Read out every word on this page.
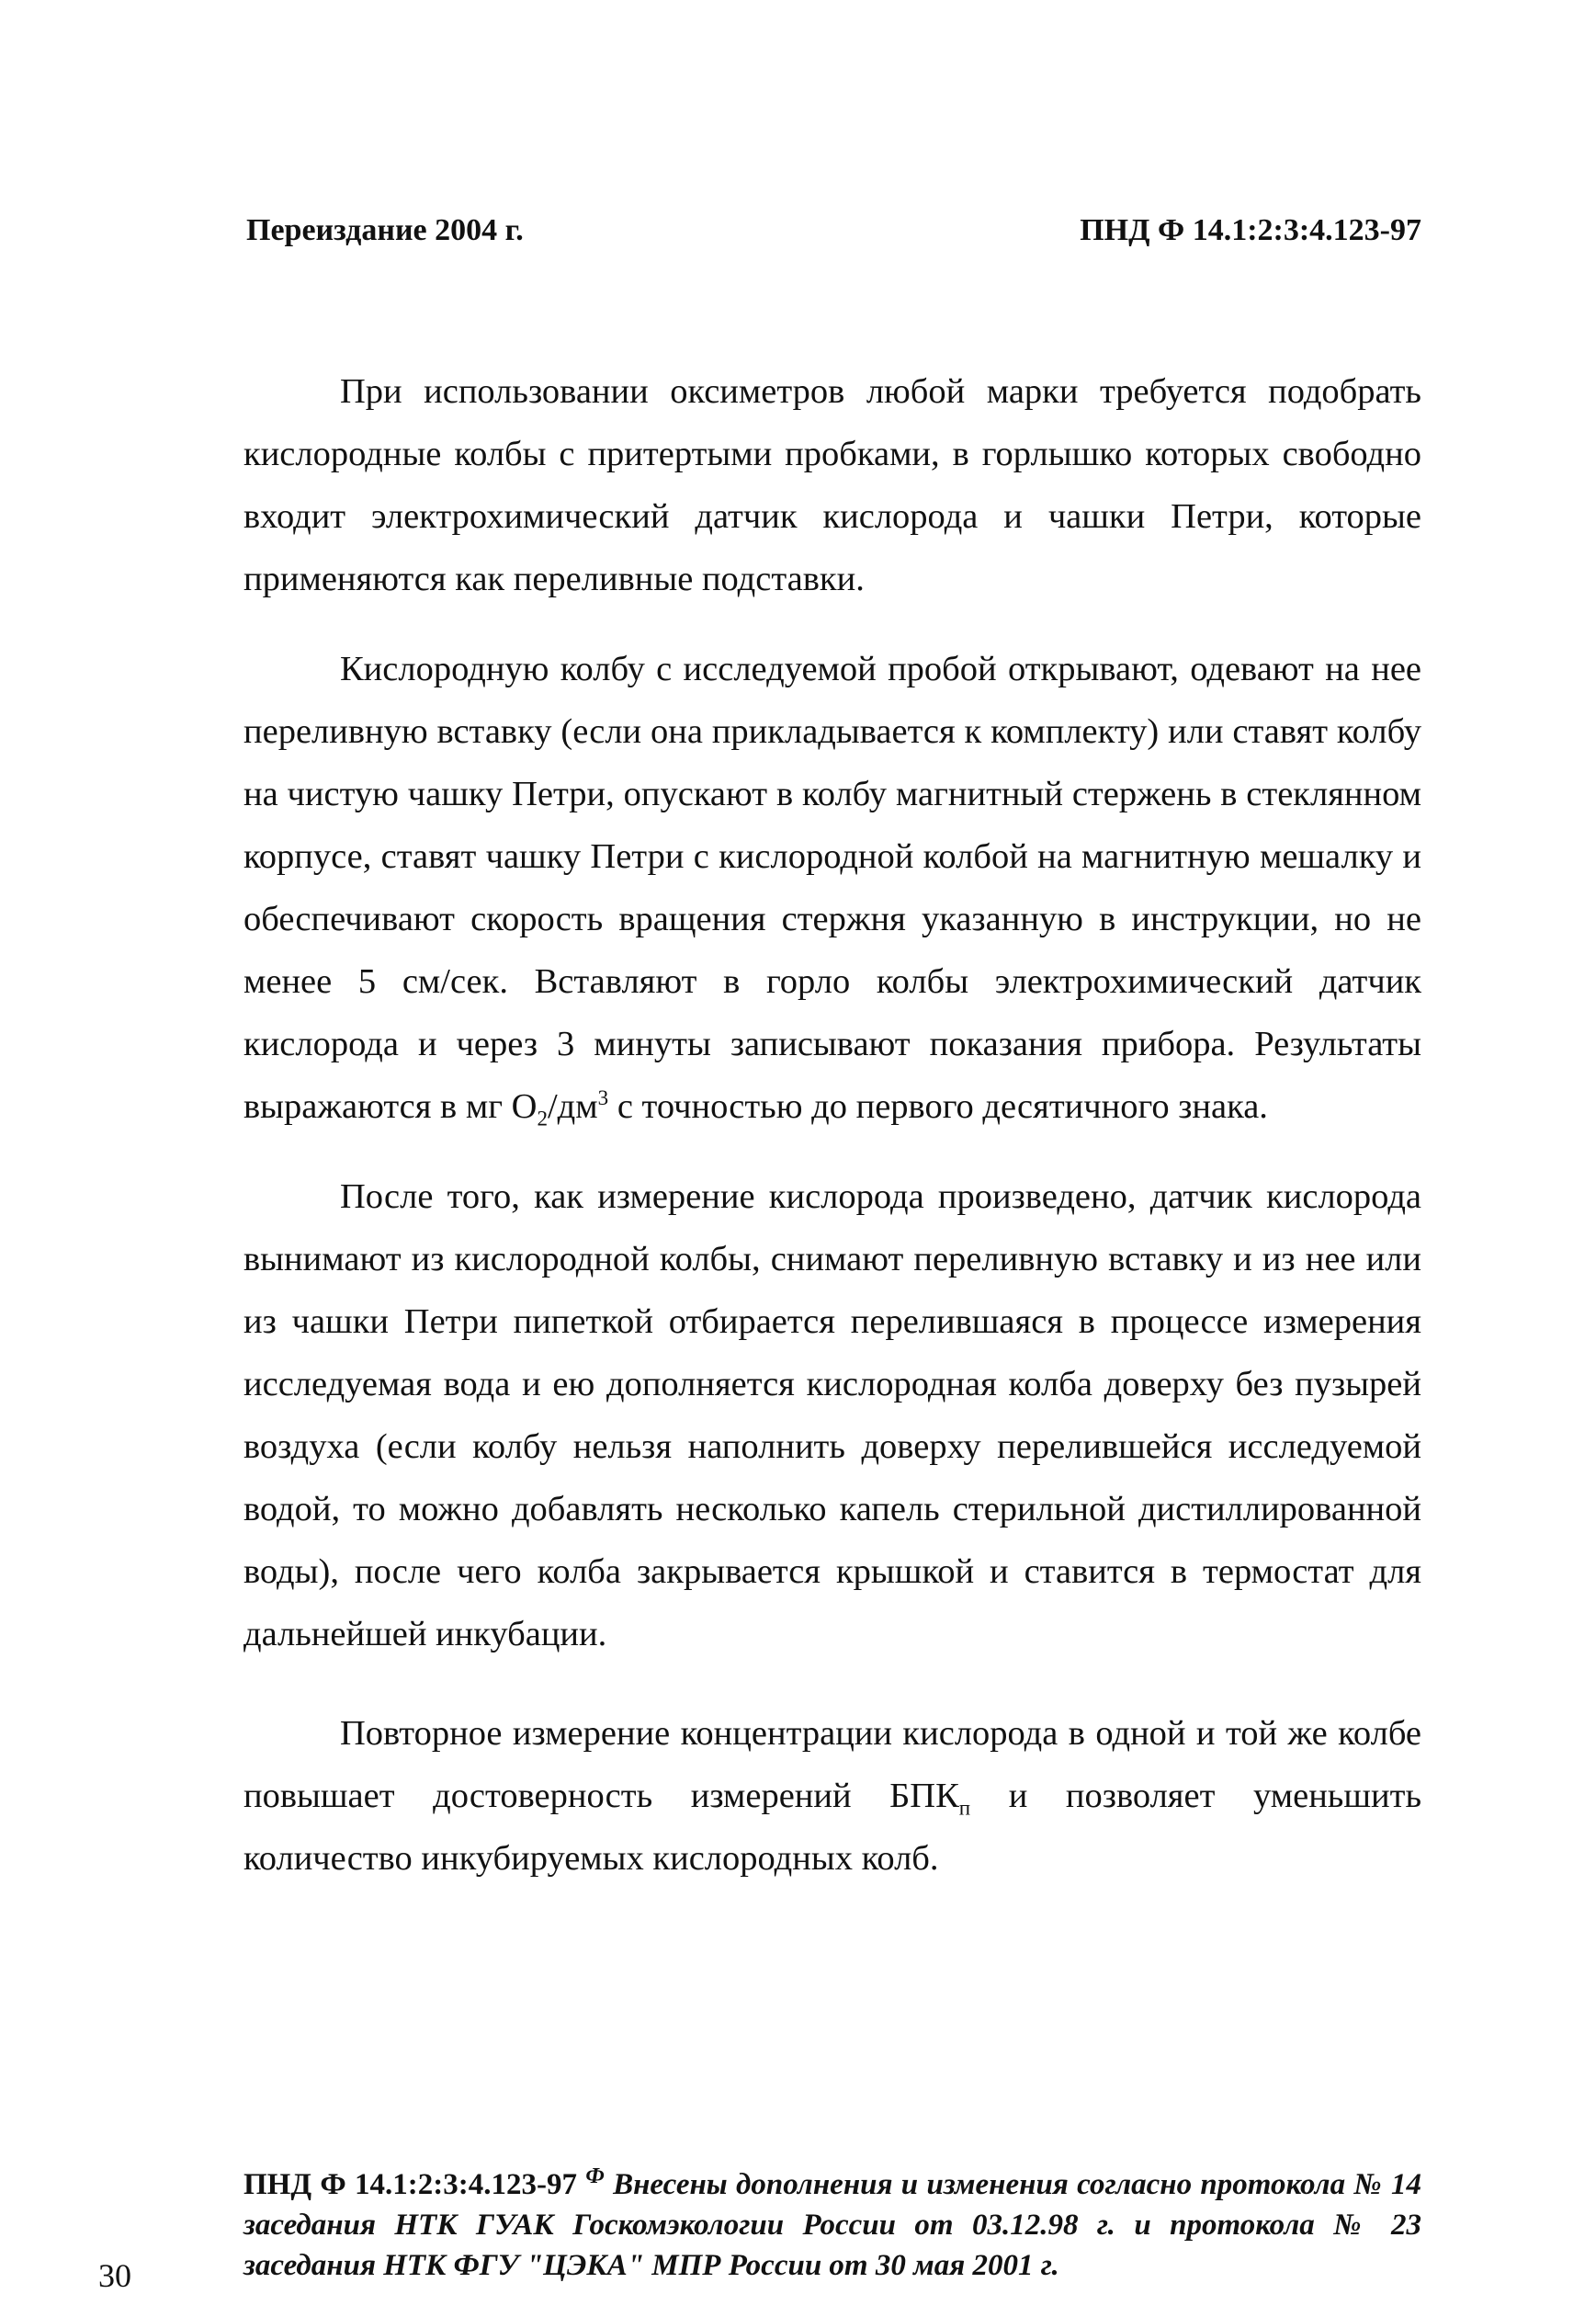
Переиздание 2004 г.	ПНД Ф 14.1:2:3:4.123-97

При использовании оксиметров любой марки требуется подобрать кислородные колбы с притертыми пробками, в горлышко которых свободно входит электрохимический датчик кислорода и чашки Петри, которые применяются как переливные подставки.

Кислородную колбу с исследуемой пробой открывают, одевают на нее переливную вставку (если она прикладывается к комплекту) или ставят колбу на чистую чашку Петри, опускают в колбу магнитный стержень в стеклянном корпусе, ставят чашку Петри с кислородной колбой на магнитную мешалку и обеспечивают скорость вращения стержня указанную в инструкции, но не менее 5 см/сек. Вставляют в горло колбы электрохимический датчик кислорода и через 3 минуты записывают показания прибора. Результаты выражаются в мг $O_2/дм^3$ с точностью до первого десятичного знака.

После того, как измерение кислорода произведено, датчик кислорода вынимают из кислородной колбы, снимают переливную вставку и из нее или из чашки Петри пипеткой отбирается перелившаяся в процессе измерения исследуемая вода и ею дополняется кислородная колба доверху без пузырей воздуха (если колбу нельзя наполнить доверху перелившейся исследуемой водой, то можно добавлять несколько капель стерильной дистиллированной воды), после чего колба закрывается крышкой и ставится в термостат для дальнейшей инкубации.

Повторное измерение концентрации кислорода в одной и той же колбе повышает достоверность измерений $БПК_п$ и позволяет уменьшить количество инкубируемых кислородных колб.

ПНД Ф 14.1:2:3:4.123-97 $^Ф$ Внесены дополнения и изменения согласно протокола № 14 заседания НТК ГУАК Госкомэкологии России от 03.12.98 г. и протокола № 23 заседания НТК ФГУ "ЦЭКА" МПР России от 30 мая 2001 г.
30
